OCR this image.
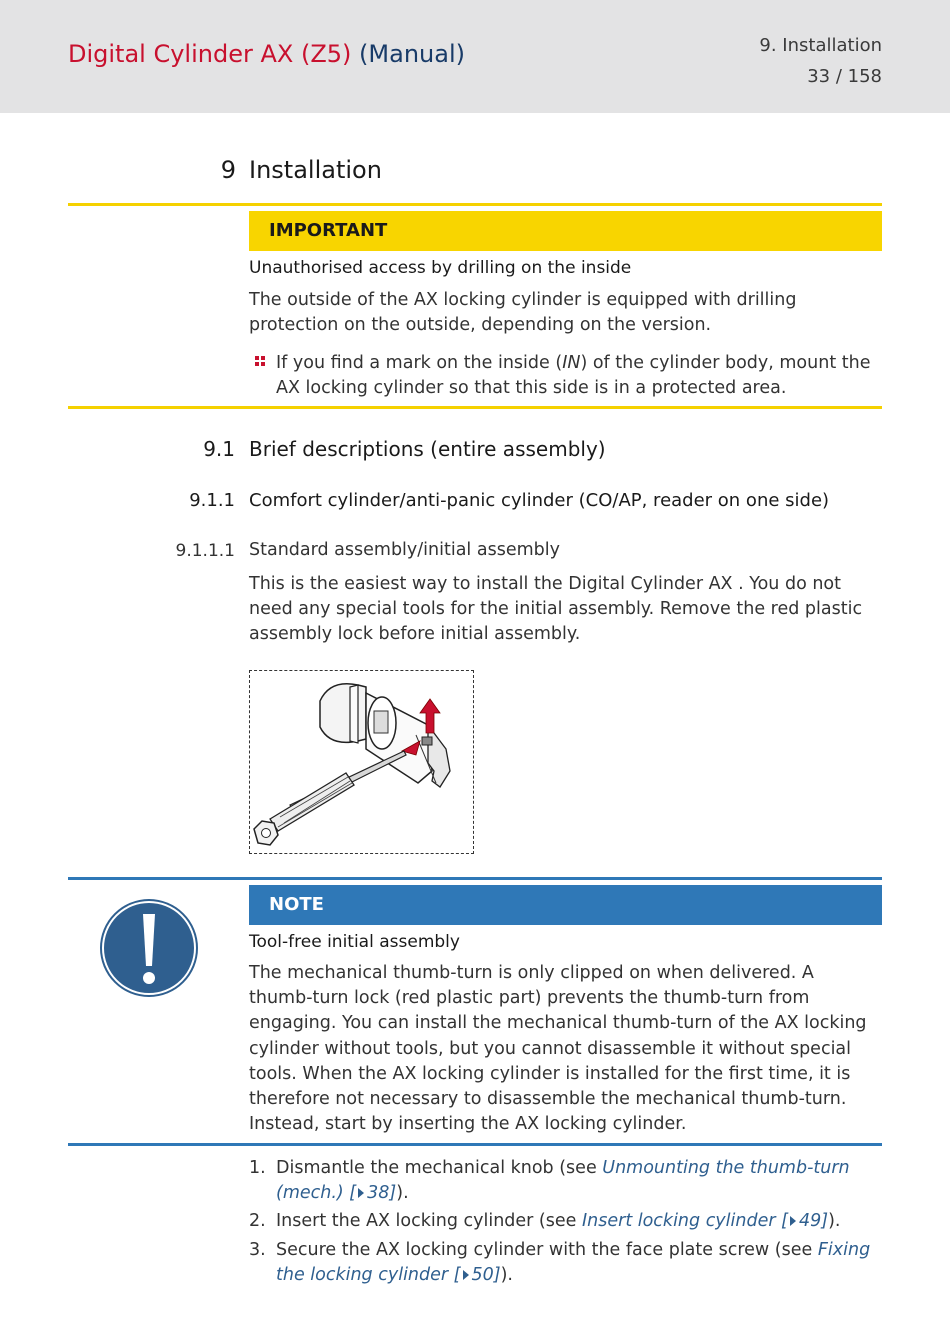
Digital Cylinder AX (Z5) (Manual)	9. Installation
33 / 158
9 Installation
IMPORTANT
Unauthorised access by drilling on the inside
The outside of the AX locking cylinder is equipped with drilling protection on the outside, depending on the version.
If you find a mark on the inside (IN) of the cylinder body, mount the AX locking cylinder so that this side is in a protected area.
9.1 Brief descriptions (entire assembly)
9.1.1 Comfort cylinder/anti-panic cylinder (CO/AP, reader on one side)
9.1.1.1 Standard assembly/initial assembly
This is the easiest way to install the Digital Cylinder AX . You do not need any special tools for the initial assembly. Remove the red plastic assembly lock before initial assembly.
NOTE
Tool-free initial assembly
The mechanical thumb-turn is only clipped on when delivered. A thumb-turn lock (red plastic part) prevents the thumb-turn from engaging. You can install the mechanical thumb-turn of the AX locking cylinder without tools, but you cannot disassemble it without special tools. When the AX locking cylinder is installed for the first time, it is therefore not necessary to disassemble the mechanical thumb-turn. Instead, start by inserting the AX locking cylinder.
1. Dismantle the mechanical knob (see Unmounting the thumb-turn (mech.) [ 38]).
2. Insert the AX locking cylinder (see Insert locking cylinder [ 49]).
3. Secure the AX locking cylinder with the face plate screw (see Fixing the locking cylinder [ 50]).
